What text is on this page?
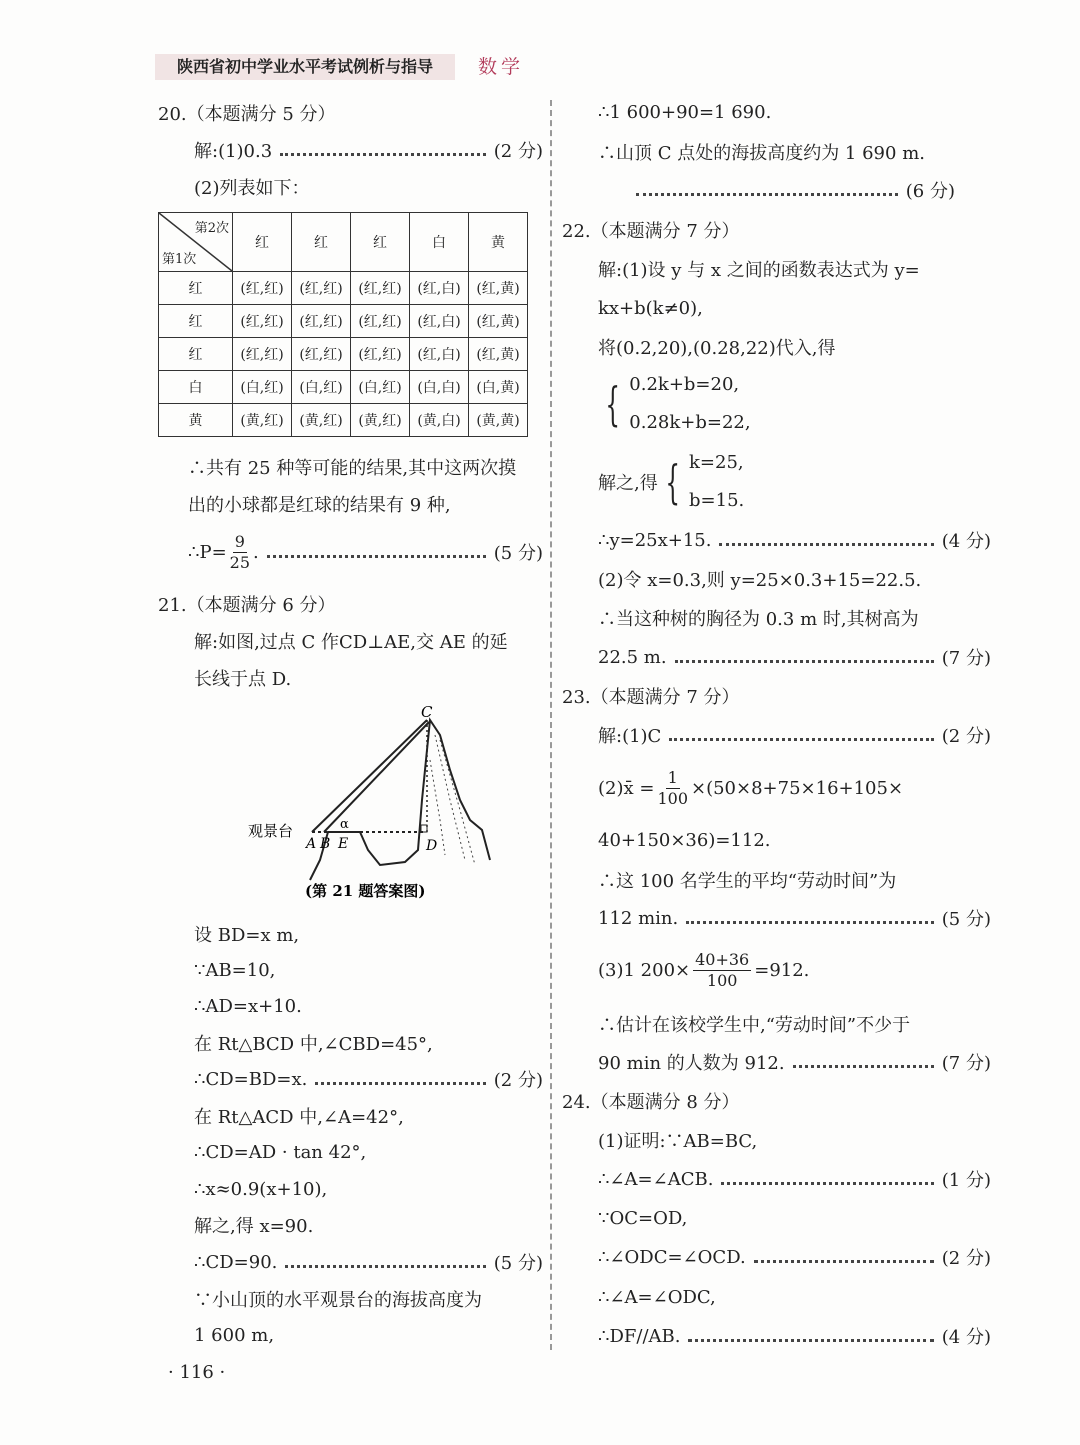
陕西省初中学业水平考试例析与指导	数学
20.（本题满分 5 分）
解:(1)0.3	(2 分)
(2)列表如下：
第2次
第1次	红	红	红	白	黄
红	(红,红)	(红,红)	(红,红)	(红,白)	(红,黄)
红	(红,红)	(红,红)	(红,红)	(红,白)	(红,黄)
红	(红,红)	(红,红)	(红,红)	(红,白)	(红,黄)
白	(白,红)	(白,红)	(白,红)	(白,白)	(白,黄)
黄	(黄,红)	(黄,红)	(黄,红)	(黄,白)	(黄,黄)
∴共有 25 种等可能的结果,其中这两次摸
出的小球都是红球的结果有 9 种,
∴P= $\frac{9}{25}$ .	(5 分)
21.（本题满分 6 分）
解:如图,过点 C 作CD⊥AE,交 AE 的延
长线于点 D.
C
A B E	D
α
观景台
(第 21 题答案图)
设 BD=x m,
∵AB=10,
∴AD=x+10.
在 Rt△BCD 中,∠CBD=45°,
∴CD=BD=x.	(2 分)
在 Rt△ACD 中,∠A=42°,
∴CD=AD · tan 42°,
∴x≈0.9(x+10),
解之,得 x=90.
∴CD=90.	(5 分)
∵小山顶的水平观景台的海拔高度为
1 600 m,
∴1 600+90=1 690.
∴山顶 C 点处的海拔高度约为 1 690 m.
(6 分)
22.（本题满分 7 分）
解:(1)设 y 与 x 之间的函数表达式为 y=
kx+b(k≠0),
将(0.2,20),(0.28,22)代入,得
{ 0.2k+b=20,
0.28k+b=22,
解之,得 { k=25,
b=15.
∴y=25x+15.	(4 分)
(2)令 x=0.3,则 y=25×0.3+15=22.5.
∴当这种树的胸径为 0.3 m 时,其树高为
22.5 m.	(7 分)
23.（本题满分 7 分）
解:(1)C	(2 分)
(2)x̄ = $\frac{1}{100} \times(50\times 8+75\times 16+105\times$
40+150×36)=112.
∴这 100 名学生的平均“劳动时间”为
112 min.	(5 分)
(3)1 $200\times \frac{40+36}{100} =912$.
∴估计在该校学生中,“劳动时间”不少于
90 min 的人数为 912.	(7 分)
24.（本题满分 8 分）
(1)证明:∵AB=BC,
∴∠A=∠ACB.	(1 分)
∵OC=OD,
∴∠ODC=∠OCD.	(2 分)
∴∠A=∠ODC,
∴DF//AB.	(4 分)
· 116 ·
